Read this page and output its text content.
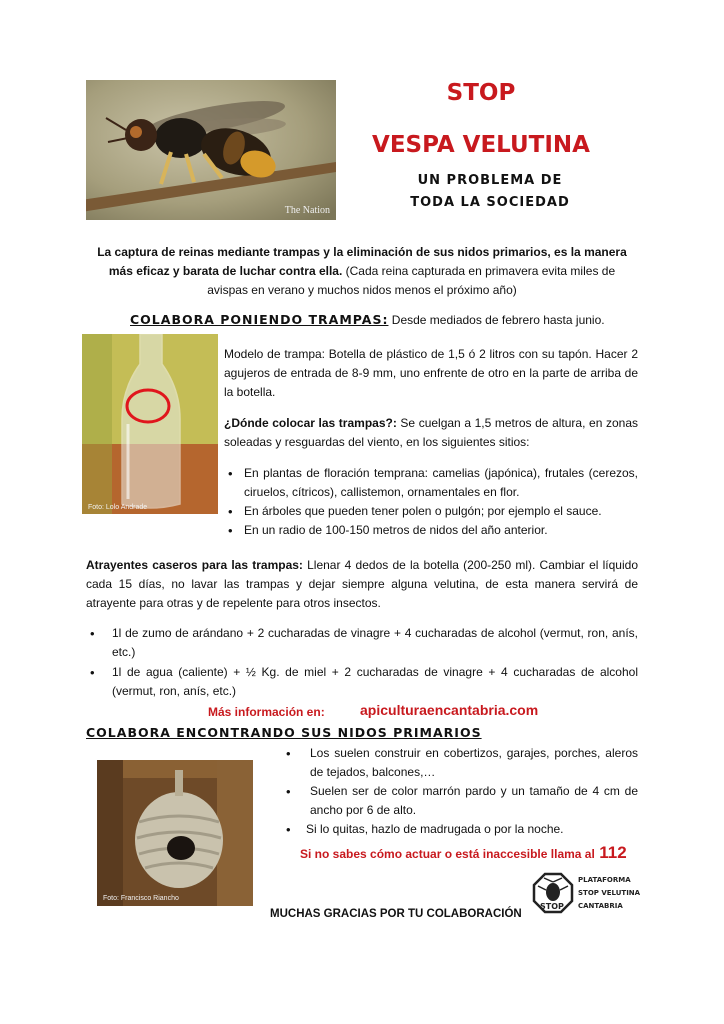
The Nation
STOP
VESPA VELUTINA
UN PROBLEMA DE
TODA LA SOCIEDAD
La captura de reinas mediante trampas y la eliminación de sus nidos primarios, es la manera más eficaz y barata de luchar contra ella. (Cada reina capturada en primavera evita miles de avispas en verano y muchos nidos menos el próximo año)
COLABORA PONIENDO TRAMPAS: Desde mediados de febrero hasta junio.
Foto: Lolo Andrade
Modelo de trampa: Botella de plástico de 1,5 ó 2 litros con su tapón. Hacer 2 agujeros de entrada de 8-9 mm, uno enfrente de otro en la parte de arriba de la botella.
¿Dónde colocar las trampas?: Se cuelgan a 1,5 metros de altura, en zonas soleadas y resguardas del viento, en los siguientes sitios:
• En plantas de floración temprana: camelias (japónica), frutales (cerezos, ciruelos, cítricos), callistemon, ornamentales en flor.
• En árboles que pueden tener polen o pulgón; por ejemplo el sauce.
• En un radio de 100-150 metros de nidos del año anterior.
Atrayentes caseros para las trampas: Llenar 4 dedos de la botella (200-250 ml). Cambiar el líquido cada 15 días, no lavar las trampas y dejar siempre alguna velutina, de esta manera servirá de atrayente para otras y de repelente para otros insectos.
• 1l de zumo de arándano + 2 cucharadas de vinagre + 4 cucharadas de alcohol (vermut, ron, anís, etc.)
• 1l de agua (caliente) + ½ Kg. de miel + 2 cucharadas de vinagre + 4 cucharadas de alcohol (vermut, ron, anís, etc.)
Más información en:	apiculturaencantabria.com
COLABORA ENCONTRANDO SUS NIDOS PRIMARIOS
Foto: Francisco Riancho
• Los suelen construir en cobertizos, garajes, porches, aleros de tejados, balcones,…
• Suelen ser de color marrón pardo y un tamaño de 4 cm de ancho por 6 de alto.
• Si lo quitas, hazlo de madrugada o por la noche.
Si no sabes cómo actuar o está inaccesible llama al 112
STOP
PLATAFORMA
STOP VELUTINA
CANTABRIA
MUCHAS GRACIAS POR TU COLABORACIÓN
